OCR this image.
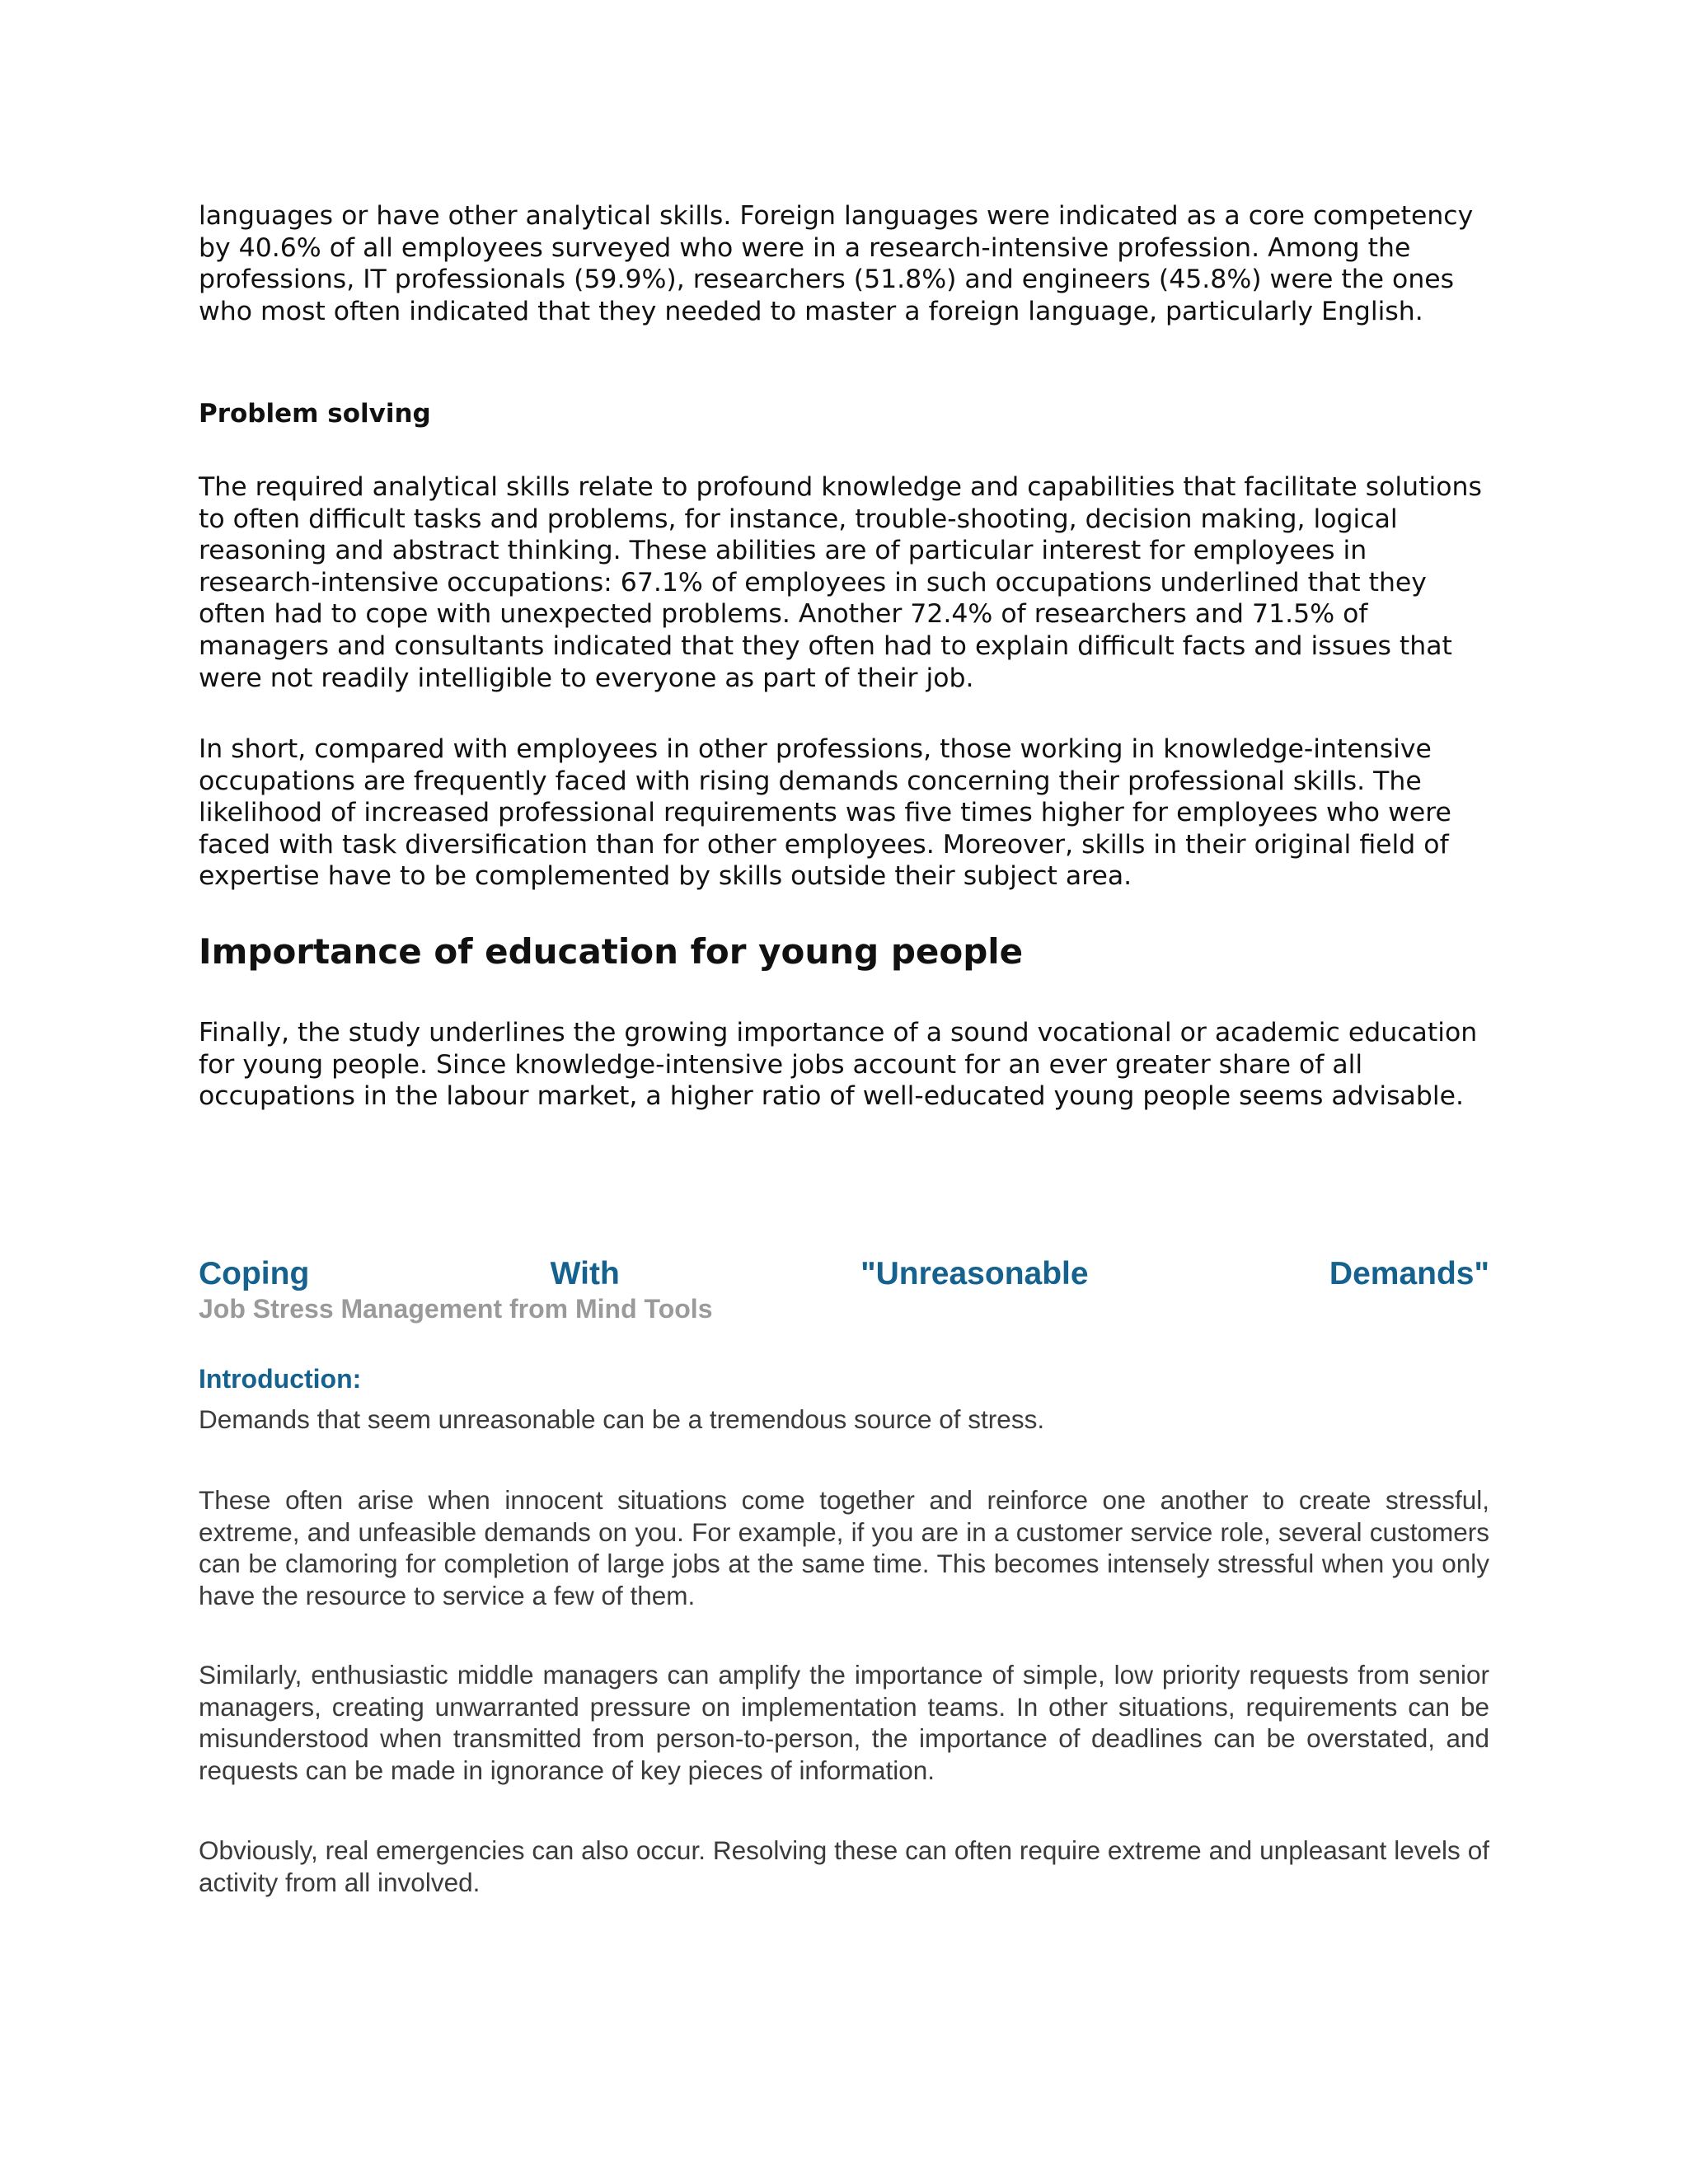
languages or have other analytical skills. Foreign languages were indicated as a core competency by 40.6% of all employees surveyed who were in a research-intensive profession. Among the professions, IT professionals (59.9%), researchers (51.8%) and engineers (45.8%) were the ones who most often indicated that they needed to master a foreign language, particularly English.

Problem solving

The required analytical skills relate to profound knowledge and capabilities that facilitate solutions to often difficult tasks and problems, for instance, trouble-shooting, decision making, logical reasoning and abstract thinking. These abilities are of particular interest for employees in research-intensive occupations: 67.1% of employees in such occupations underlined that they often had to cope with unexpected problems. Another 72.4% of researchers and 71.5% of managers and consultants indicated that they often had to explain difficult facts and issues that were not readily intelligible to everyone as part of their job.

In short, compared with employees in other professions, those working in knowledge-intensive occupations are frequently faced with rising demands concerning their professional skills. The likelihood of increased professional requirements was five times higher for employees who were faced with task diversification than for other employees. Moreover, skills in their original field of expertise have to be complemented by skills outside their subject area.

Importance of education for young people

Finally, the study underlines the growing importance of a sound vocational or academic education for young people. Since knowledge-intensive jobs account for an ever greater share of all occupations in the labour market, a higher ratio of well-educated young people seems advisable.

Coping	With	"Unreasonable	Demands"
Job Stress Management from Mind Tools
Introduction:

Demands that seem unreasonable can be a tremendous source of stress.

These often arise when innocent situations come together and reinforce one another to create stressful, extreme, and unfeasible demands on you. For example, if you are in a customer service role, several customers can be clamoring for completion of large jobs at the same time. This becomes intensely stressful when you only have the resource to service a few of them.

Similarly, enthusiastic middle managers can amplify the importance of simple, low priority requests from senior managers, creating unwarranted pressure on implementation teams. In other situations, requirements can be misunderstood when transmitted from person-to-person, the importance of deadlines can be overstated, and requests can be made in ignorance of key pieces of information.

Obviously, real emergencies can also occur. Resolving these can often require extreme and unpleasant levels of activity from all involved.
